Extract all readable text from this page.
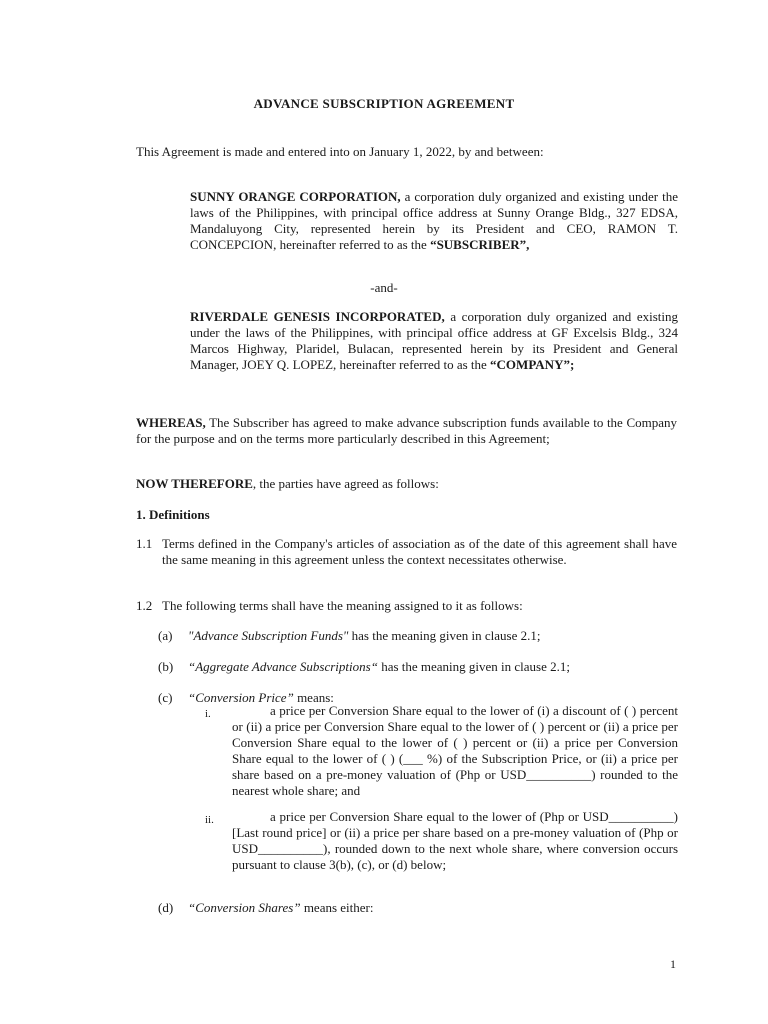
ADVANCE SUBSCRIPTION AGREEMENT
This Agreement is made and entered into on January 1, 2022, by and between:

SUNNY ORANGE CORPORATION, a corporation duly organized and existing under the laws of the Philippines, with principal office address at Sunny Orange Bldg., 327 EDSA, Mandaluyong City, represented herein by its President and CEO, RAMON T. CONCEPCION, hereinafter referred to as the “SUBSCRIBER”,

-and-

RIVERDALE GENESIS INCORPORATED, a corporation duly organized and existing under the laws of the Philippines, with principal office address at GF Excelsis Bldg., 324 Marcos Highway, Plaridel, Bulacan, represented herein by its President and General Manager, JOEY Q. LOPEZ, hereinafter referred to as the “COMPANY”;

WHEREAS, The Subscriber has agreed to make advance subscription funds available to the Company for the purpose and on the terms more particularly described in this Agreement;
NOW THEREFORE, the parties have agreed as follows:
1. Definitions
1.1 Terms defined in the Company's articles of association as of the date of this agreement shall have the same meaning in this agreement unless the context necessitates otherwise.
1.2 The following terms shall have the meaning assigned to it as follows:
(a) "Advance Subscription Funds" has the meaning given in clause 2.1;
(b) “Aggregate Advance Subscriptions“ has the meaning given in clause 2.1;
(c) “Conversion Price” means:
i.	a price per Conversion Share equal to the lower of (i) a discount of ( ) percent or (ii) a price per Conversion Share equal to the lower of ( ) percent or (ii) a price per Conversion Share equal to the lower of ( ) percent or (ii) a price per Conversion Share equal to the lower of ( ) (___ %) of the Subscription Price, or (ii) a price per share based on a pre-money valuation of (Php or USD__________) rounded to the nearest whole share; and

ii.	a price per Conversion Share equal to the lower of (Php or USD__________) [Last round price] or (ii) a price per share based on a pre-money valuation of (Php or USD__________), rounded down to the next whole share, where conversion occurs pursuant to clause 3(b), (c), or (d) below;

(d) “Conversion Shares” means either:
1
